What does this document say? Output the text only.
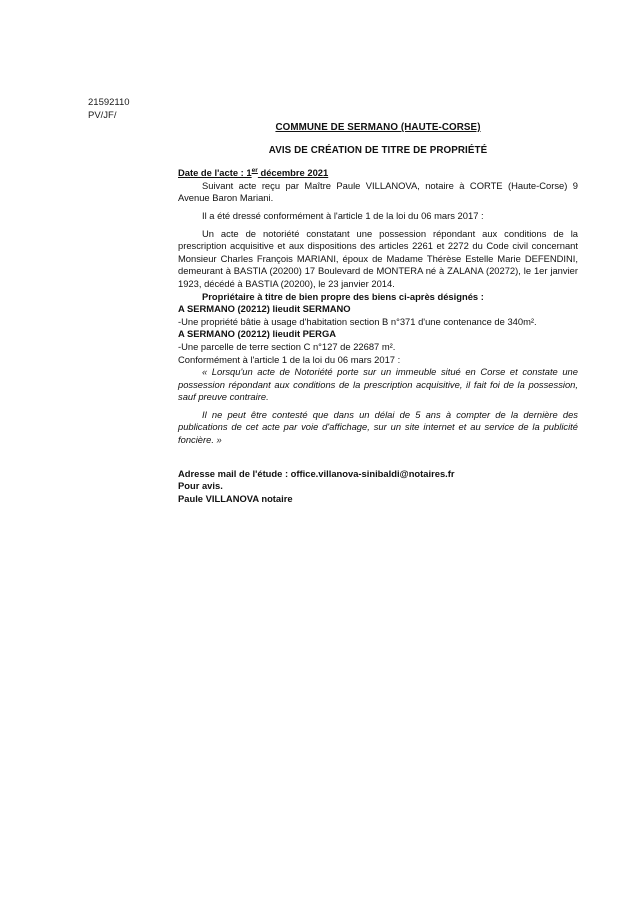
21592110
PV/JF/
COMMUNE DE SERMANO (HAUTE-CORSE)
AVIS DE CRÉATION DE TITRE DE PROPRIÉTÉ

Date de l'acte : 1er décembre 2021

Suivant acte reçu par Maître Paule VILLANOVA, notaire à CORTE (Haute-Corse) 9 Avenue Baron Mariani.

Il a été dressé conformément à l'article 1 de la loi du 06 mars 2017 :

Un acte de notoriété constatant une possession répondant aux conditions de la prescription acquisitive et aux dispositions des articles 2261 et 2272 du Code civil concernant Monsieur Charles François MARIANI, époux de Madame Thérèse Estelle Marie DEFENDINI, demeurant à BASTIA (20200) 17 Boulevard de MONTERA né à ZALANA (20272), le 1er janvier 1923, décédé à BASTIA (20200), le 23 janvier 2014.

Propriétaire à titre de bien propre des biens ci-après désignés :

A SERMANO (20212) lieudit SERMANO

-Une propriété bâtie à usage d'habitation section B n°371 d'une contenance de 340m².

A SERMANO (20212) lieudit PERGA

-Une parcelle de terre section C n°127 de 22687 m².

Conformément à l'article 1 de la loi du 06 mars 2017 :

« Lorsqu'un acte de Notoriété porte sur un immeuble situé en Corse et constate une possession répondant aux conditions de la prescription acquisitive, il fait foi de la possession, sauf preuve contraire.

Il ne peut être contesté que dans un délai de 5 ans à compter de la dernière des publications de cet acte par voie d'affichage, sur un site internet et au service de la publicité foncière. »

Adresse mail de l'étude : office.villanova-sinibaldi@notaires.fr
Pour avis.
Paule VILLANOVA notaire
